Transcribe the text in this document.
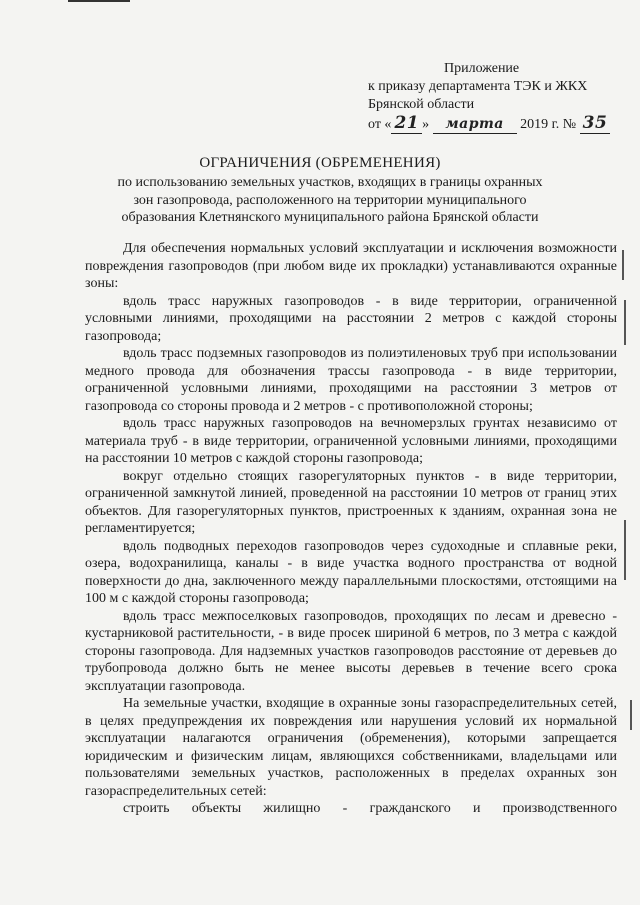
Приложение
к приказу департамента ТЭК и ЖКХ
Брянской области
от « 21 » марта 2019 г. № 35
ОГРАНИЧЕНИЯ (ОБРЕМЕНЕНИЯ)
по использованию земельных участков, входящих в границы охранных зон газопровода, расположенного на территории муниципального образования Клетнянского муниципального района Брянской области

Для обеспечения нормальных условий эксплуатации и исключения возможности повреждения газопроводов (при любом виде их прокладки) устанавливаются охранные зоны:

вдоль трасс наружных газопроводов - в виде территории, ограниченной условными линиями, проходящими на расстоянии 2 метров с каждой стороны газопровода;

вдоль трасс подземных газопроводов из полиэтиленовых труб при использовании медного провода для обозначения трассы газопровода - в виде территории, ограниченной условными линиями, проходящими на расстоянии 3 метров от газопровода со стороны провода и 2 метров - с противоположной стороны;

вдоль трасс наружных газопроводов на вечномерзлых грунтах независимо от материала труб - в виде территории, ограниченной условными линиями, проходящими на расстоянии 10 метров с каждой стороны газопровода;

вокруг отдельно стоящих газорегуляторных пунктов - в виде территории, ограниченной замкнутой линией, проведенной на расстоянии 10 метров от границ этих объектов. Для газорегуляторных пунктов, пристроенных к зданиям, охранная зона не регламентируется;

вдоль подводных переходов газопроводов через судоходные и сплавные реки, озера, водохранилища, каналы - в виде участка водного пространства от водной поверхности до дна, заключенного между параллельными плоскостями, отстоящими на 100 м с каждой стороны газопровода;

вдоль трасс межпоселковых газопроводов, проходящих по лесам и древесно - кустарниковой растительности, - в виде просек шириной 6 метров, по 3 метра с каждой стороны газопровода. Для надземных участков газопроводов расстояние от деревьев до трубопровода должно быть не менее высоты деревьев в течение всего срока эксплуатации газопровода.

На земельные участки, входящие в охранные зоны газораспределительных сетей, в целях предупреждения их повреждения или нарушения условий их нормальной эксплуатации налагаются ограничения (обременения), которыми запрещается юридическим и физическим лицам, являющихся собственниками, владельцами или пользователями земельных участков, расположенных в пределах охранных зон газораспределительных сетей:

строить объекты жилищно - гражданского и производственного
